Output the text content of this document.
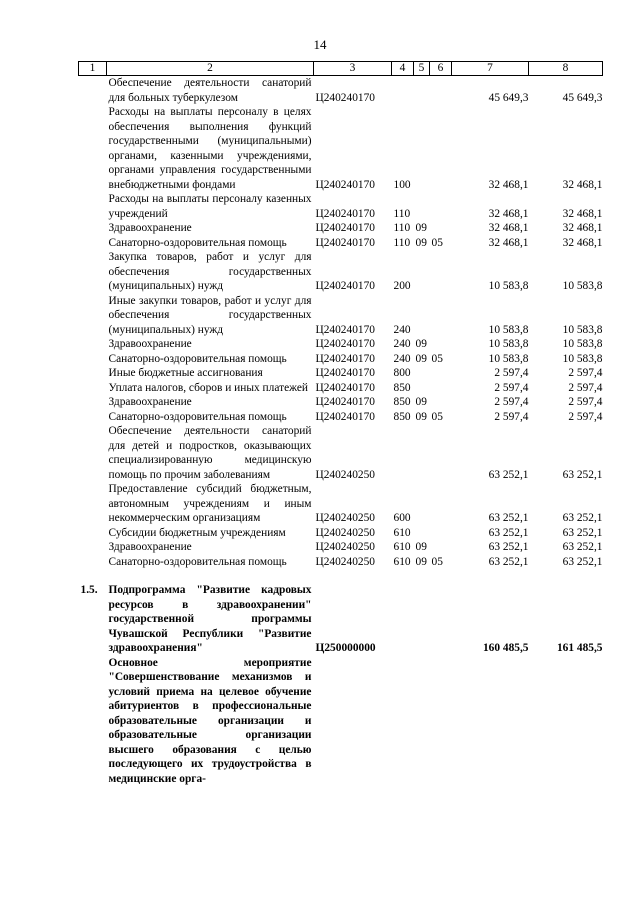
14
1	2	3	4	5	6	7	8
	Обеспечение деятельности санаторий для больных туберкулезом	Ц240240170				45 649,3	45 649,3
	Расходы на выплаты персоналу в целях обеспечения выполнения функций государственными (муниципальными) органами, казенными учреждениями, органами управления государственными внебюджетными фондами	Ц240240170	100			32 468,1	32 468,1
	Расходы на выплаты персоналу казенных учреждений	Ц240240170	110			32 468,1	32 468,1
	Здравоохранение	Ц240240170	110	09		32 468,1	32 468,1
	Санаторно-оздоровительная помощь	Ц240240170	110	09	05	32 468,1	32 468,1
	Закупка товаров, работ и услуг для обеспечения государственных (муниципальных) нужд	Ц240240170	200			10 583,8	10 583,8
	Иные закупки товаров, работ и услуг для обеспечения государственных (муниципальных) нужд	Ц240240170	240			10 583,8	10 583,8
	Здравоохранение	Ц240240170	240	09		10 583,8	10 583,8
	Санаторно-оздоровительная помощь	Ц240240170	240	09	05	10 583,8	10 583,8
	Иные бюджетные ассигнования	Ц240240170	800			2 597,4	2 597,4
	Уплата налогов, сборов и иных платежей	Ц240240170	850			2 597,4	2 597,4
	Здравоохранение	Ц240240170	850	09		2 597,4	2 597,4
	Санаторно-оздоровительная помощь	Ц240240170	850	09	05	2 597,4	2 597,4
	Обеспечение деятельности санаторий для детей и подростков, оказывающих специализированную медицинскую помощь по прочим заболеваниям	Ц240240250				63 252,1	63 252,1
	Предоставление субсидий бюджетным, автономным учреждениям и иным некоммерческим организациям	Ц240240250	600			63 252,1	63 252,1
	Субсидии бюджетным учреждениям	Ц240240250	610			63 252,1	63 252,1
	Здравоохранение	Ц240240250	610	09		63 252,1	63 252,1
	Санаторно-оздоровительная помощь	Ц240240250	610	09	05	63 252,1	63 252,1

1.5.	Подпрограмма "Развитие кадровых ресурсов в здравоохранении" государственной программы Чувашской Республики "Развитие здравоохранения"	Ц250000000				160 485,5	161 485,5
	Основное мероприятие "Совершенствование механизмов и условий приема на целевое обучение абитуриентов в профессиональные образовательные организации и образовательные организации высшего образования с целью последующего их трудоустройства в медицинские орга-						
